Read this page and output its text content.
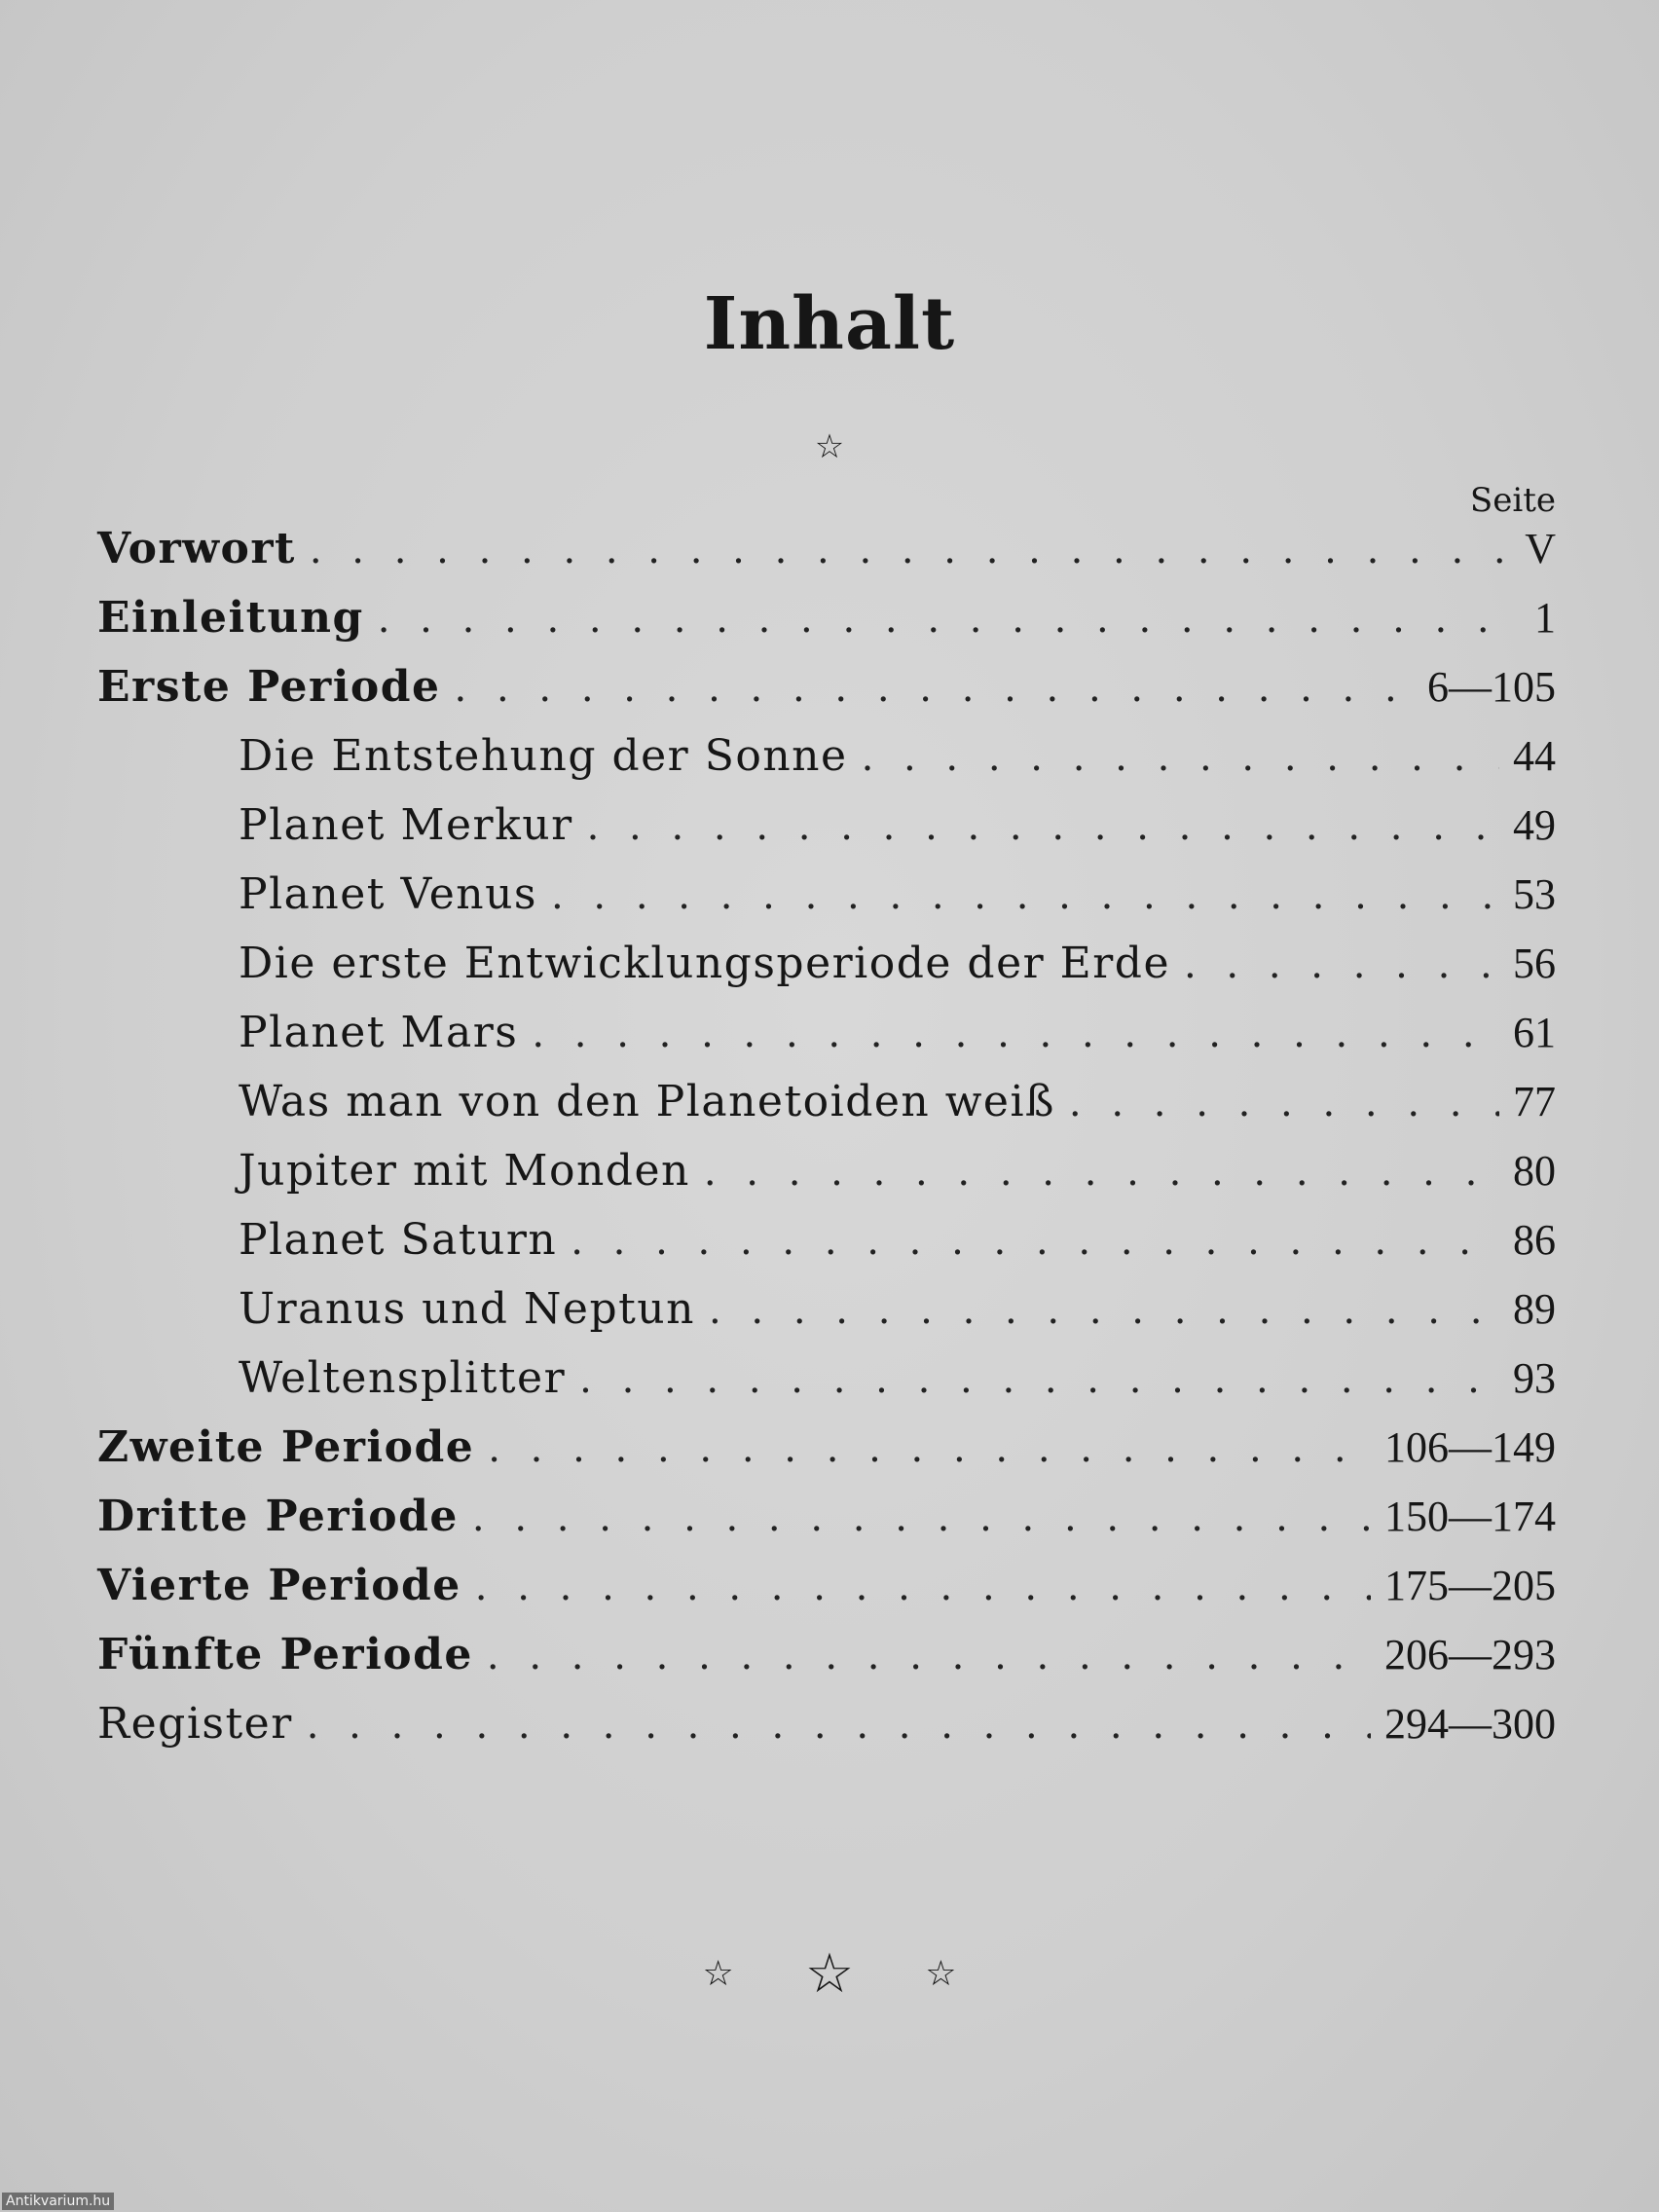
Inhalt
☆
Seite
Vorwort . . .	V
Einleitung . . .	1
Erste Periode . . .	6—105
Die Entstehung der Sonne . . .	44
Planet Merkur . . .	49
Planet Venus . . .	53
Die erste Entwicklungsperiode der Erde . . .	56
Planet Mars . . .	61
Was man von den Planetoiden weiß . . .	77
Jupiter mit Monden . . .	80
Planet Saturn . . .	86
Uranus und Neptun . . .	89
Weltensplitter . . .	93
Zweite Periode . . .	106—149
Dritte Periode . . .	150—174
Vierte Periode . . .	175—205
Fünfte Periode . . .	206—293
Register . . .	294—300
☆ ☆ ☆
Antikvarium.hu
